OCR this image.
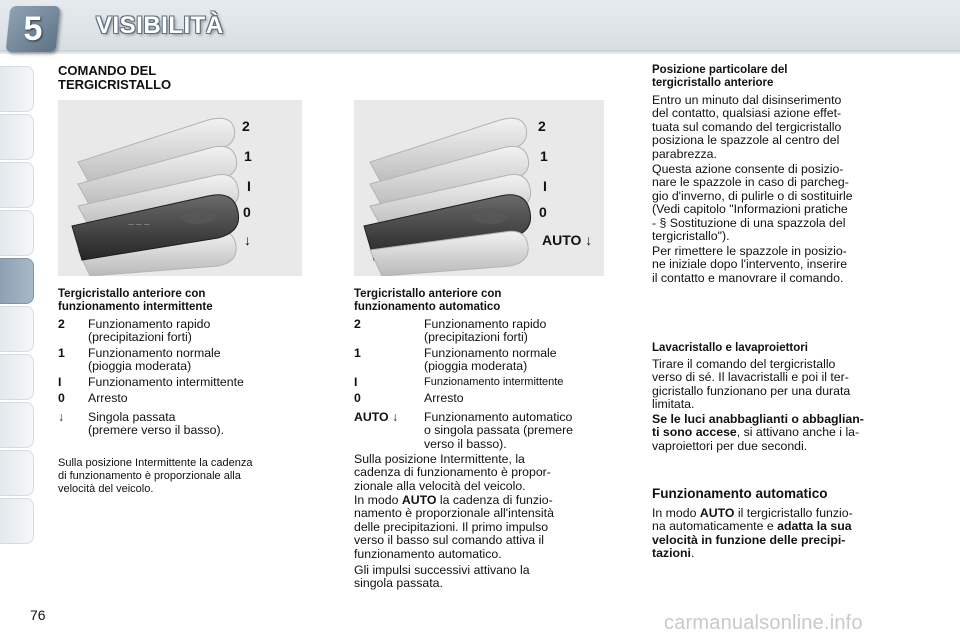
5	VISIBILITÀ
COMANDO DEL
TERGICRISTALLO
— — —
2
1
I
0
↓
2
1
I
0
AUTO ↓
Tergicristallo anteriore con
funzionamento intermittente
2 Funzionamento rapido
(precipitazioni forti)
1 Funzionamento normale
(pioggia moderata)
I Funzionamento intermittente
0 Arresto
↓ Singola passata
(premere verso il basso).
Sulla posizione Intermittente la cadenza
di funzionamento è proporzionale alla
velocità del veicolo.
Tergicristallo anteriore con
funzionamento automatico
2	Funzionamento rapido
(precipitazioni forti)
1	Funzionamento normale
(pioggia moderata)
I	Funzionamento intermittente
0	Arresto
AUTO ↓ Funzionamento automatico
o singola passata (premere
verso il basso).
Sulla posizione Intermittente, la
cadenza di funzionamento è propor-
zionale alla velocità del veicolo.
In modo AUTO la cadenza di funzio-
namento è proporzionale all'intensità
delle precipitazioni. Il primo impulso
verso il basso sul comando attiva il
funzionamento automatico.
Gli impulsi successivi attivano la
singola passata.
Posizione particolare del
tergicristallo anteriore
Entro un minuto dal disinserimento
del contatto, qualsiasi azione effet-
tuata sul comando del tergicristallo
posiziona le spazzole al centro del
parabrezza.
Questa azione consente di posizio-
nare le spazzole in caso di parcheg-
gio d'inverno, di pulirle o di sostituirle
(Vedi capitolo "Informazioni pratiche
- § Sostituzione di una spazzola del
tergicristallo").
Per rimettere le spazzole in posizio-
ne iniziale dopo l'intervento, inserire
il contatto e manovrare il comando.
Lavacristallo e lavaproiettori
Tirare il comando del tergicristallo
verso di sé. Il lavacristalli e poi il ter-
gicristallo funzionano per una durata
limitata.
Se le luci anabbaglianti o abbaglian-
ti sono accese, si attivano anche i la-
vaproiettori per due secondi.
Funzionamento automatico
In modo AUTO il tergicristallo funzio-
na automaticamente e adatta la sua
velocità in funzione delle precipi-
tazioni.
76	carmanualsonline.info
